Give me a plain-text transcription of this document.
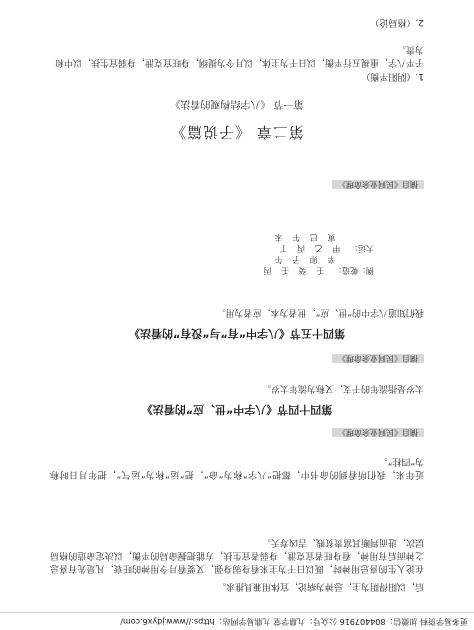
更多易学资料 加微信：804407916 公众号：九鼎学堂 九鼎易学网站：https://www.jdyx6.com/

后，以阳得阴为主，忌神为病论，宜体用兼具推求。

在论人生的喜忌用神时，既以日干为主来看身弱身强，又要看月令用神的旺衰，凡是先有喜忌之神而后有用神，看身旺者宜克泄，身弱者宜生扶，方能把握命局的平衡，以决定命造的格局层次，进而判断其富贵贫贱、吉凶寿夭。

近年来，我们所看到的命书中，都把“八字”称为“命”，把“运”称为“运气”，把年月日时称为“四柱”。

摘自《民间业余命理》
第四十四节《八字中“世、应”的看法》

太岁是指流年的干支，又称为流年太岁。

摘自《民间业余命理》
第四十五节《八字中“有”与“没有”的看法》

我们知道八字中的“世、应”，世者为本，应者为用。

例：乾造：  壬  癸  壬  丙
辛  卯  子  午
大运：  甲  乙  丙  丁
寅  巳  午  未
摘自《民间业余命理》
第二章 《子说篇》
第一节 《八字结构观的看法》
1.（阴阳平衡）
子平八字，重视五行平衡，以日干为主体，以月令为提纲，身旺宜克泄，身弱宜生扶，以中和为贵。
2.（格局论）
